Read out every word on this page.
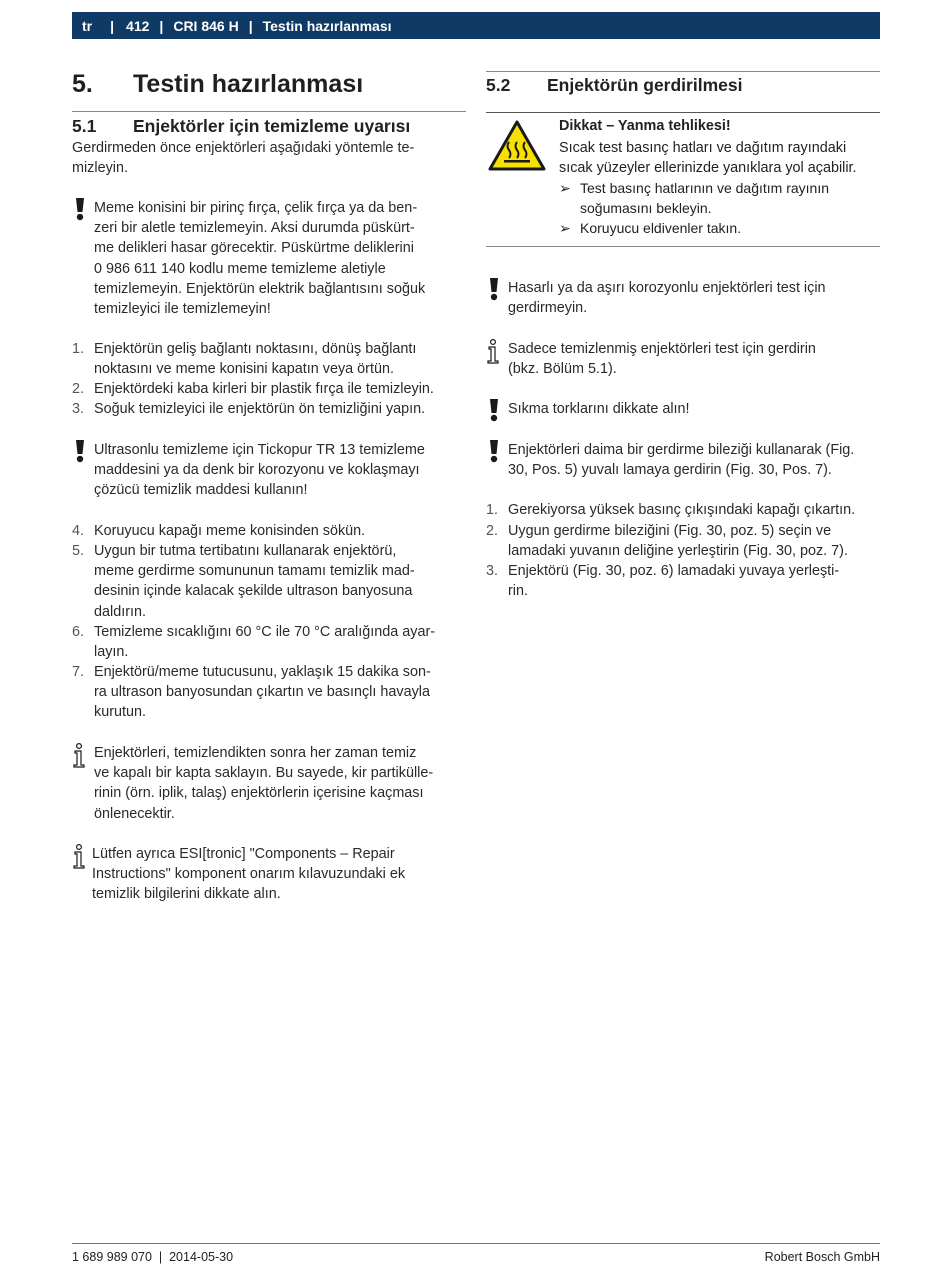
tr | 412 | CRI 846 H | Testin hazırlanması
5. Testin hazırlanması
5.1 Enjektörler için temizleme uyarısı
Gerdirmeden önce enjektörleri aşağıdaki yöntemle te-
mizleyin.
Meme konisini bir pirinç fırça, çelik fırça ya da ben-
zeri bir aletle temizlemeyin. Aksi durumda püskürt-
me delikleri hasar görecektir. Püskürtme deliklerini
0 986 611 140 kodlu meme temizleme aletiyle
temizlemeyin. Enjektörün elektrik bağlantısını soğuk
temizleyici ile temizlemeyin!
1. Enjektörün geliş bağlantı noktasını, dönüş bağlantı
noktasını ve meme konisini kapatın veya örtün.
2. Enjektördeki kaba kirleri bir plastik fırça ile temizleyin.
3. Soğuk temizleyici ile enjektörün ön temizliğini yapın.
Ultrasonlu temizleme için Tickopur TR 13 temizleme
maddesini ya da denk bir korozyonu ve koklaşmayı
çözücü temizlik maddesi kullanın!
4. Koruyucu kapağı meme konisinden sökün.
5. Uygun bir tutma tertibatını kullanarak enjektörü,
meme gerdirme somununun tamamı temizlik mad-
desinin içinde kalacak şekilde ultrason banyosuna
daldırın.
6. Temizleme sıcaklığını 60 °C ile 70 °C aralığında ayar-
layın.
7. Enjektörü/meme tutucusunu, yaklaşık 15 dakika son-
ra ultrason banyosundan çıkartın ve basınçlı havayla
kurutun.
Enjektörleri, temizlendikten sonra her zaman temiz
ve kapalı bir kapta saklayın. Bu sayede, kir partikülle-
rinin (örn. iplik, talaş) enjektörlerin içerisine kaçması
önlenecektir.
Lütfen ayrıca ESI[tronic] "Components – Repair
Instructions" komponent onarım kılavuzundaki ek
temizlik bilgilerini dikkate alın.
5.2 Enjektörün gerdirilmesi
Dikkat – Yanma tehlikesi!
Sıcak test basınç hatları ve dağıtım rayındaki
sıcak yüzeyler ellerinizde yanıklara yol açabilir.
➢ Test basınç hatlarının ve dağıtım rayının
soğumasını bekleyin.
➢ Koruyucu eldivenler takın.
Hasarlı ya da aşırı korozyonlu enjektörleri test için
gerdirmeyin.
Sadece temizlenmiş enjektörleri test için gerdirin
(bkz. Bölüm 5.1).
Sıkma torklarını dikkate alın!
Enjektörleri daima bir gerdirme bileziği kullanarak (Fig.
30, Pos. 5) yuvalı lamaya gerdirin (Fig. 30, Pos. 7).
1. Gerekiyorsa yüksek basınç çıkışındaki kapağı çıkartın.
2. Uygun gerdirme bileziğini (Fig. 30, poz. 5) seçin ve
lamadaki yuvanın deliğine yerleştirin (Fig. 30, poz. 7).
3. Enjektörü (Fig. 30, poz. 6) lamadaki yuvaya yerleşti-
rin.
1 689 989 070 | 2014-05-30	Robert Bosch GmbH
